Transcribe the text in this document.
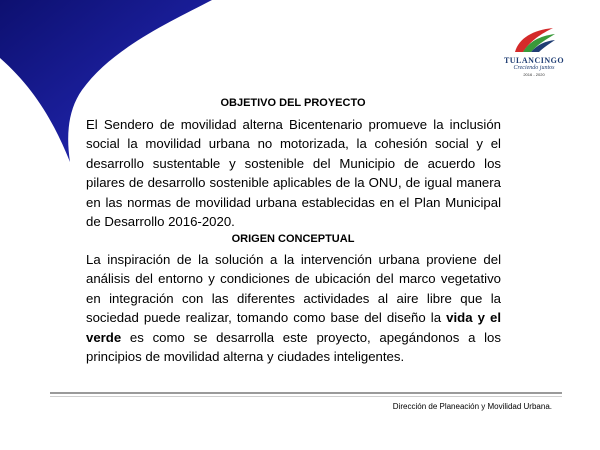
TULANCINGO
Creciendo juntos
2016 - 2020
OBJETIVO DEL PROYECTO
El Sendero de movilidad alterna Bicentenario promueve la inclusión social la movilidad urbana no motorizada, la cohesión social y el desarrollo sustentable y sostenible del Municipio de acuerdo los pilares de desarrollo sostenible aplicables de la ONU, de igual manera en las normas de movilidad urbana establecidas en el Plan Municipal de Desarrollo 2016-2020.
ORIGEN CONCEPTUAL
La inspiración de la solución a la intervención urbana proviene del análisis del entorno y condiciones de ubicación del marco vegetativo en integración con las diferentes actividades al aire libre que la sociedad puede realizar, tomando como base del diseño la vida y el verde es como se desarrolla este proyecto, apegándonos a los principios de movilidad alterna y ciudades inteligentes.
Dirección de Planeación y Movilidad Urbana.
